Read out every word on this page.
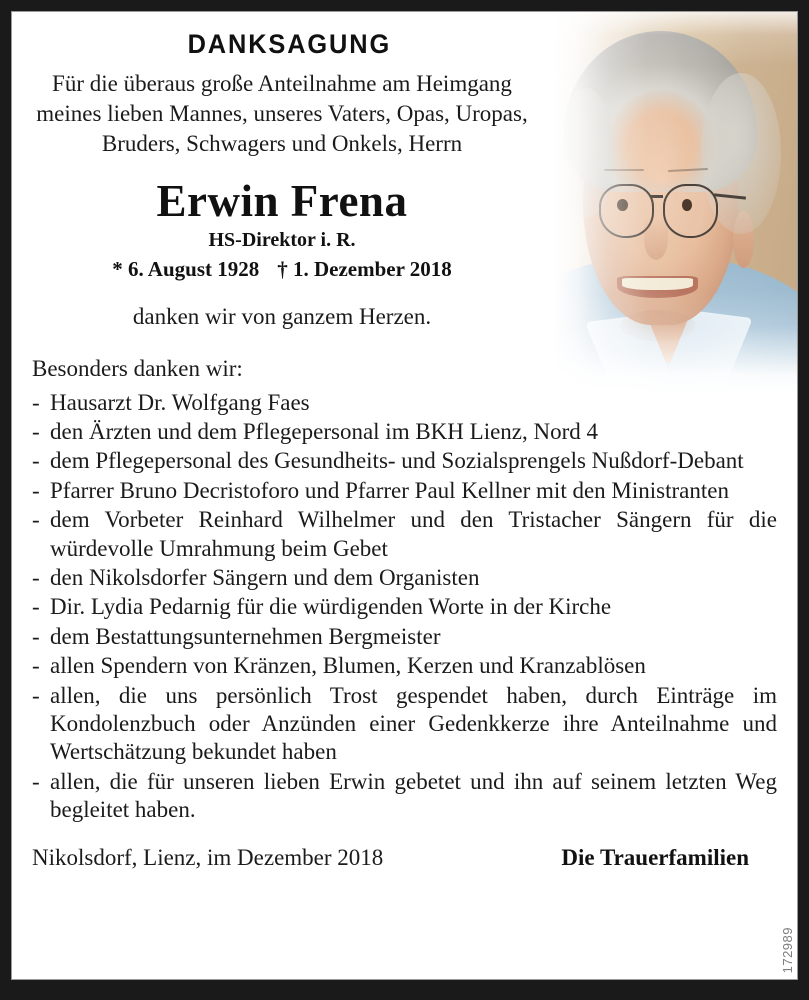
DANKSAGUNG
Für die überaus große Anteilnahme am Heimgang meines lieben Mannes, unseres Vaters, Opas, Uropas, Bruders, Schwagers und Onkels, Herrn
Erwin Frena
HS-Direktor i. R.
* 6. August 1928 † 1. Dezember 2018
danken wir von ganzem Herzen.
Besonders danken wir:
- Hausarzt Dr. Wolfgang Faes
- den Ärzten und dem Pflegepersonal im BKH Lienz, Nord 4
- dem Pflegepersonal des Gesundheits- und Sozialsprengels Nußdorf-Debant
- Pfarrer Bruno Decristoforo und Pfarrer Paul Kellner mit den Ministranten
- dem Vorbeter Reinhard Wilhelmer und den Tristacher Sängern für die würdevolle Umrahmung beim Gebet
- den Nikolsdorfer Sängern und dem Organisten
- Dir. Lydia Pedarnig für die würdigenden Worte in der Kirche
- dem Bestattungsunternehmen Bergmeister
- allen Spendern von Kränzen, Blumen, Kerzen und Kranzablösen
- allen, die uns persönlich Trost gespendet haben, durch Einträge im Kondolenzbuch oder Anzünden einer Gedenkkerze ihre Anteilnahme und Wertschätzung bekundet haben
- allen, die für unseren lieben Erwin gebetet und ihn auf seinem letzten Weg begleitet haben.
Nikolsdorf, Lienz, im Dezember 2018	Die Trauerfamilien
172989
